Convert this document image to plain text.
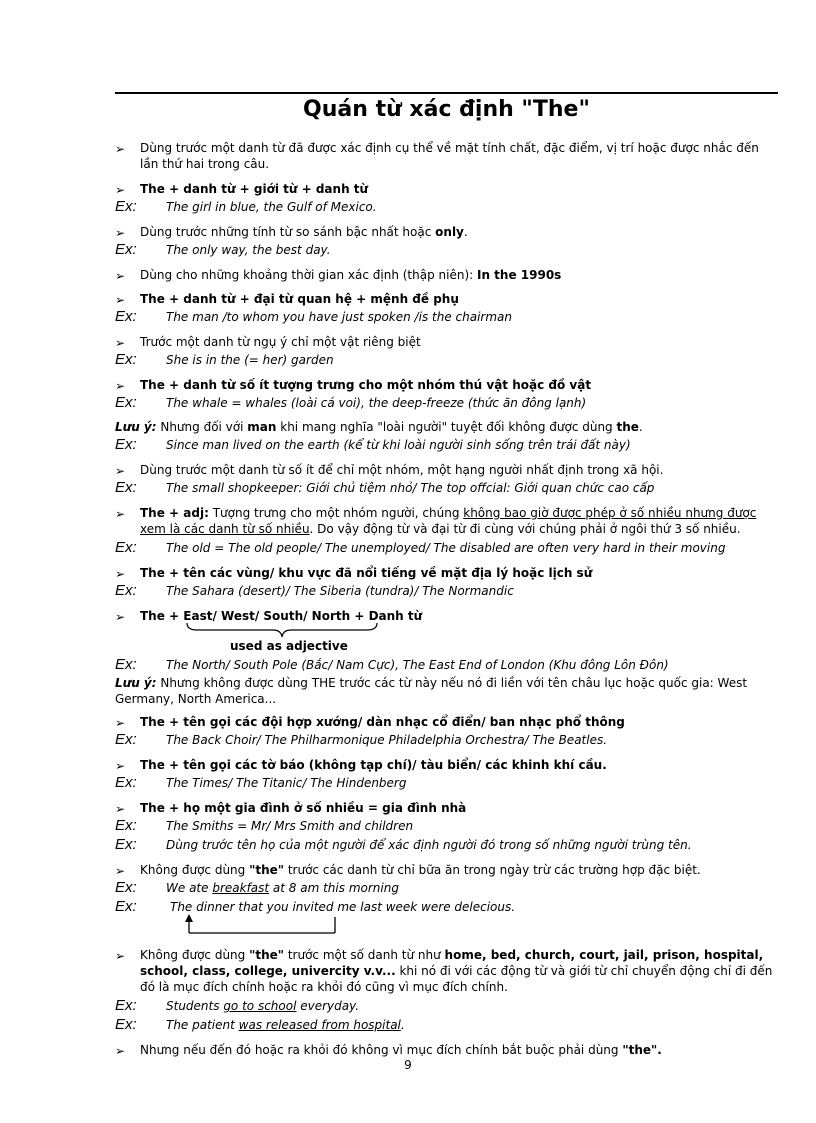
Quán từ xác định "The"
➢	Dùng trước một danh từ đã được xác định cụ thể về mặt tính chất, đặc điểm, vị trí hoặc được nhắc đến lần thứ hai trong câu.
➢	The + danh từ + giới từ + danh từ
Ex: The girl in blue, the Gulf of Mexico.
➢	Dùng trước những tính từ so sánh bậc nhất hoặc only.
Ex: The only way, the best day.
➢	Dùng cho những khoảng thời gian xác định (thập niên): In the 1990s
➢	The + danh từ + đại từ quan hệ + mệnh đề phụ
Ex: The man /to whom you have just spoken /is the chairman
➢	Trước một danh từ ngụ ý chỉ một vật riêng biệt
Ex: She is in the (= her) garden
➢	The + danh từ số ít tượng trưng cho một nhóm thú vật hoặc đồ vật
Ex: The whale = whales (loài cá voi), the deep-freeze (thức ăn đông lạnh)
Lưu ý: Nhưng đối với man khi mang nghĩa "loài người" tuyệt đối không được dùng the.
Ex: Since man lived on the earth (kể từ khi loài người sinh sống trên trái đất này)
➢	Dùng trước một danh từ số ít để chỉ một nhóm, một hạng người nhất định trong xã hội.
Ex: The small shopkeeper: Giới chủ tiệm nhỏ/ The top offcial: Giới quan chức cao cấp
➢	The + adj: Tượng trưng cho một nhóm người, chúng không bao giờ được phép ở số nhiều nhưng được xem là các danh từ số nhiều. Do vậy động từ và đại từ đi cùng với chúng phải ở ngôi thứ 3 số nhiều.
Ex: The old = The old people/ The unemployed/ The disabled are often very hard in their moving
➢	The + tên các vùng/ khu vực đã nổi tiếng về mặt địa lý hoặc lịch sử
Ex: The Sahara (desert)/ The Siberia (tundra)/ The Normandic
➢	The + East/ West/ South/ North + Danh từ
used as adjective
Ex: The North/ South Pole (Bắc/ Nam Cực), The East End of London (Khu đông Lôn Đôn)
Lưu ý: Nhưng không được dùng THE trước các từ này nếu nó đi liền với tên châu lục hoặc quốc gia: West Germany, North America...
➢	The + tên gọi các đội hợp xướng/ dàn nhạc cổ điển/ ban nhạc phổ thông
Ex: The Back Choir/ The Philharmonique Philadelphia Orchestra/ The Beatles.
➢	The + tên gọi các tờ báo (không tạp chí)/ tàu biển/ các khinh khí cầu.
Ex: The Times/ The Titanic/ The Hindenberg
➢	The + họ một gia đình ở số nhiều = gia đình nhà
Ex: The Smiths = Mr/ Mrs Smith and children
Ex: Dùng trước tên họ của một người để xác định người đó trong số những người trùng tên.
➢	Không được dùng "the" trước các danh từ chỉ bữa ăn trong ngày trừ các trường hợp đặc biệt.
Ex: We ate breakfast at 8 am this morning
Ex:	The dinner that you invited me last week were delecious.
➢	Không được dùng "the" trước một số danh từ như home, bed, church, court, jail, prison, hospital, school, class, college, univercity v.v... khi nó đi với các động từ và giới từ chỉ chuyển động chỉ đi đến đó là mục đích chính hoặc ra khỏi đó cũng vì mục đích chính.
Ex: Students go to school everyday.
Ex: The patient was released from hospital.
➢	Nhưng nếu đến đó hoặc ra khỏi đó không vì mục đích chính bắt buộc phải dùng "the".
9
